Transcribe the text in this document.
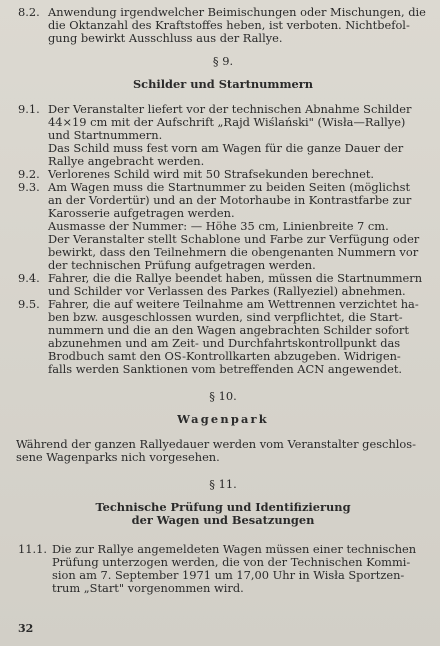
8.2. Anwendung irgendwelcher Beimischungen oder Mischungen, die
die Oktanzahl des Kraftstoffes heben, ist verboten. Nichtbefol-
gung bewirkt Ausschluss aus der Rallye.
§ 9.
Schilder und Startnummern
9.1. Der Veranstalter liefert vor der technischen Abnahme Schilder
44×19 cm mit der Aufschrift „Rajd Wiślański" (Wisła—Rallye)
und Startnummern.
Das Schild muss fest vorn am Wagen für die ganze Dauer der
Rallye angebracht werden.
9.2. Verlorenes Schild wird mit 50 Strafsekunden berechnet.
9.3. Am Wagen muss die Startnummer zu beiden Seiten (möglichst
an der Vordertür) und an der Motorhaube in Kontrastfarbe zur
Karosserie aufgetragen werden.
Ausmasse der Nummer: — Höhe 35 cm, Linienbreite 7 cm.
Der Veranstalter stellt Schablone und Farbe zur Verfügung oder
bewirkt, dass den Teilnehmern die obengenanten Nummern vor
der technischen Prüfung aufgetragen werden.
9.4. Fahrer, die die Rallye beendet haben, müssen die Startnummern
und Schilder vor Verlassen des Parkes (Rallyeziel) abnehmen.
9.5. Fahrer, die auf weitere Teilnahme am Wettrennen verzichtet ha-
ben bzw. ausgeschlossen wurden, sind verpflichtet, die Start-
nummern und die an den Wagen angebrachten Schilder sofort
abzunehmen und am Zeit- und Durchfahrtskontrollpunkt das
Brodbuch samt den OS-Kontrollkarten abzugeben. Widrigen-
falls werden Sanktionen vom betreffenden ACN angewendet.
§ 10.
Wagenpark
Während der ganzen Rallyedauer werden vom Veranstalter geschlos-
sene Wagenparks nich vorgesehen.
§ 11.
Technische Prüfung und Identifizierung
der Wagen und Besatzungen
11.1. Die zur Rallye angemeldeten Wagen müssen einer technischen
Prüfung unterzogen werden, die von der Technischen Kommi-
sion am 7. September 1971 um 17,00 Uhr in Wisła Sportzen-
trum „Start" vorgenommen wird.
32
